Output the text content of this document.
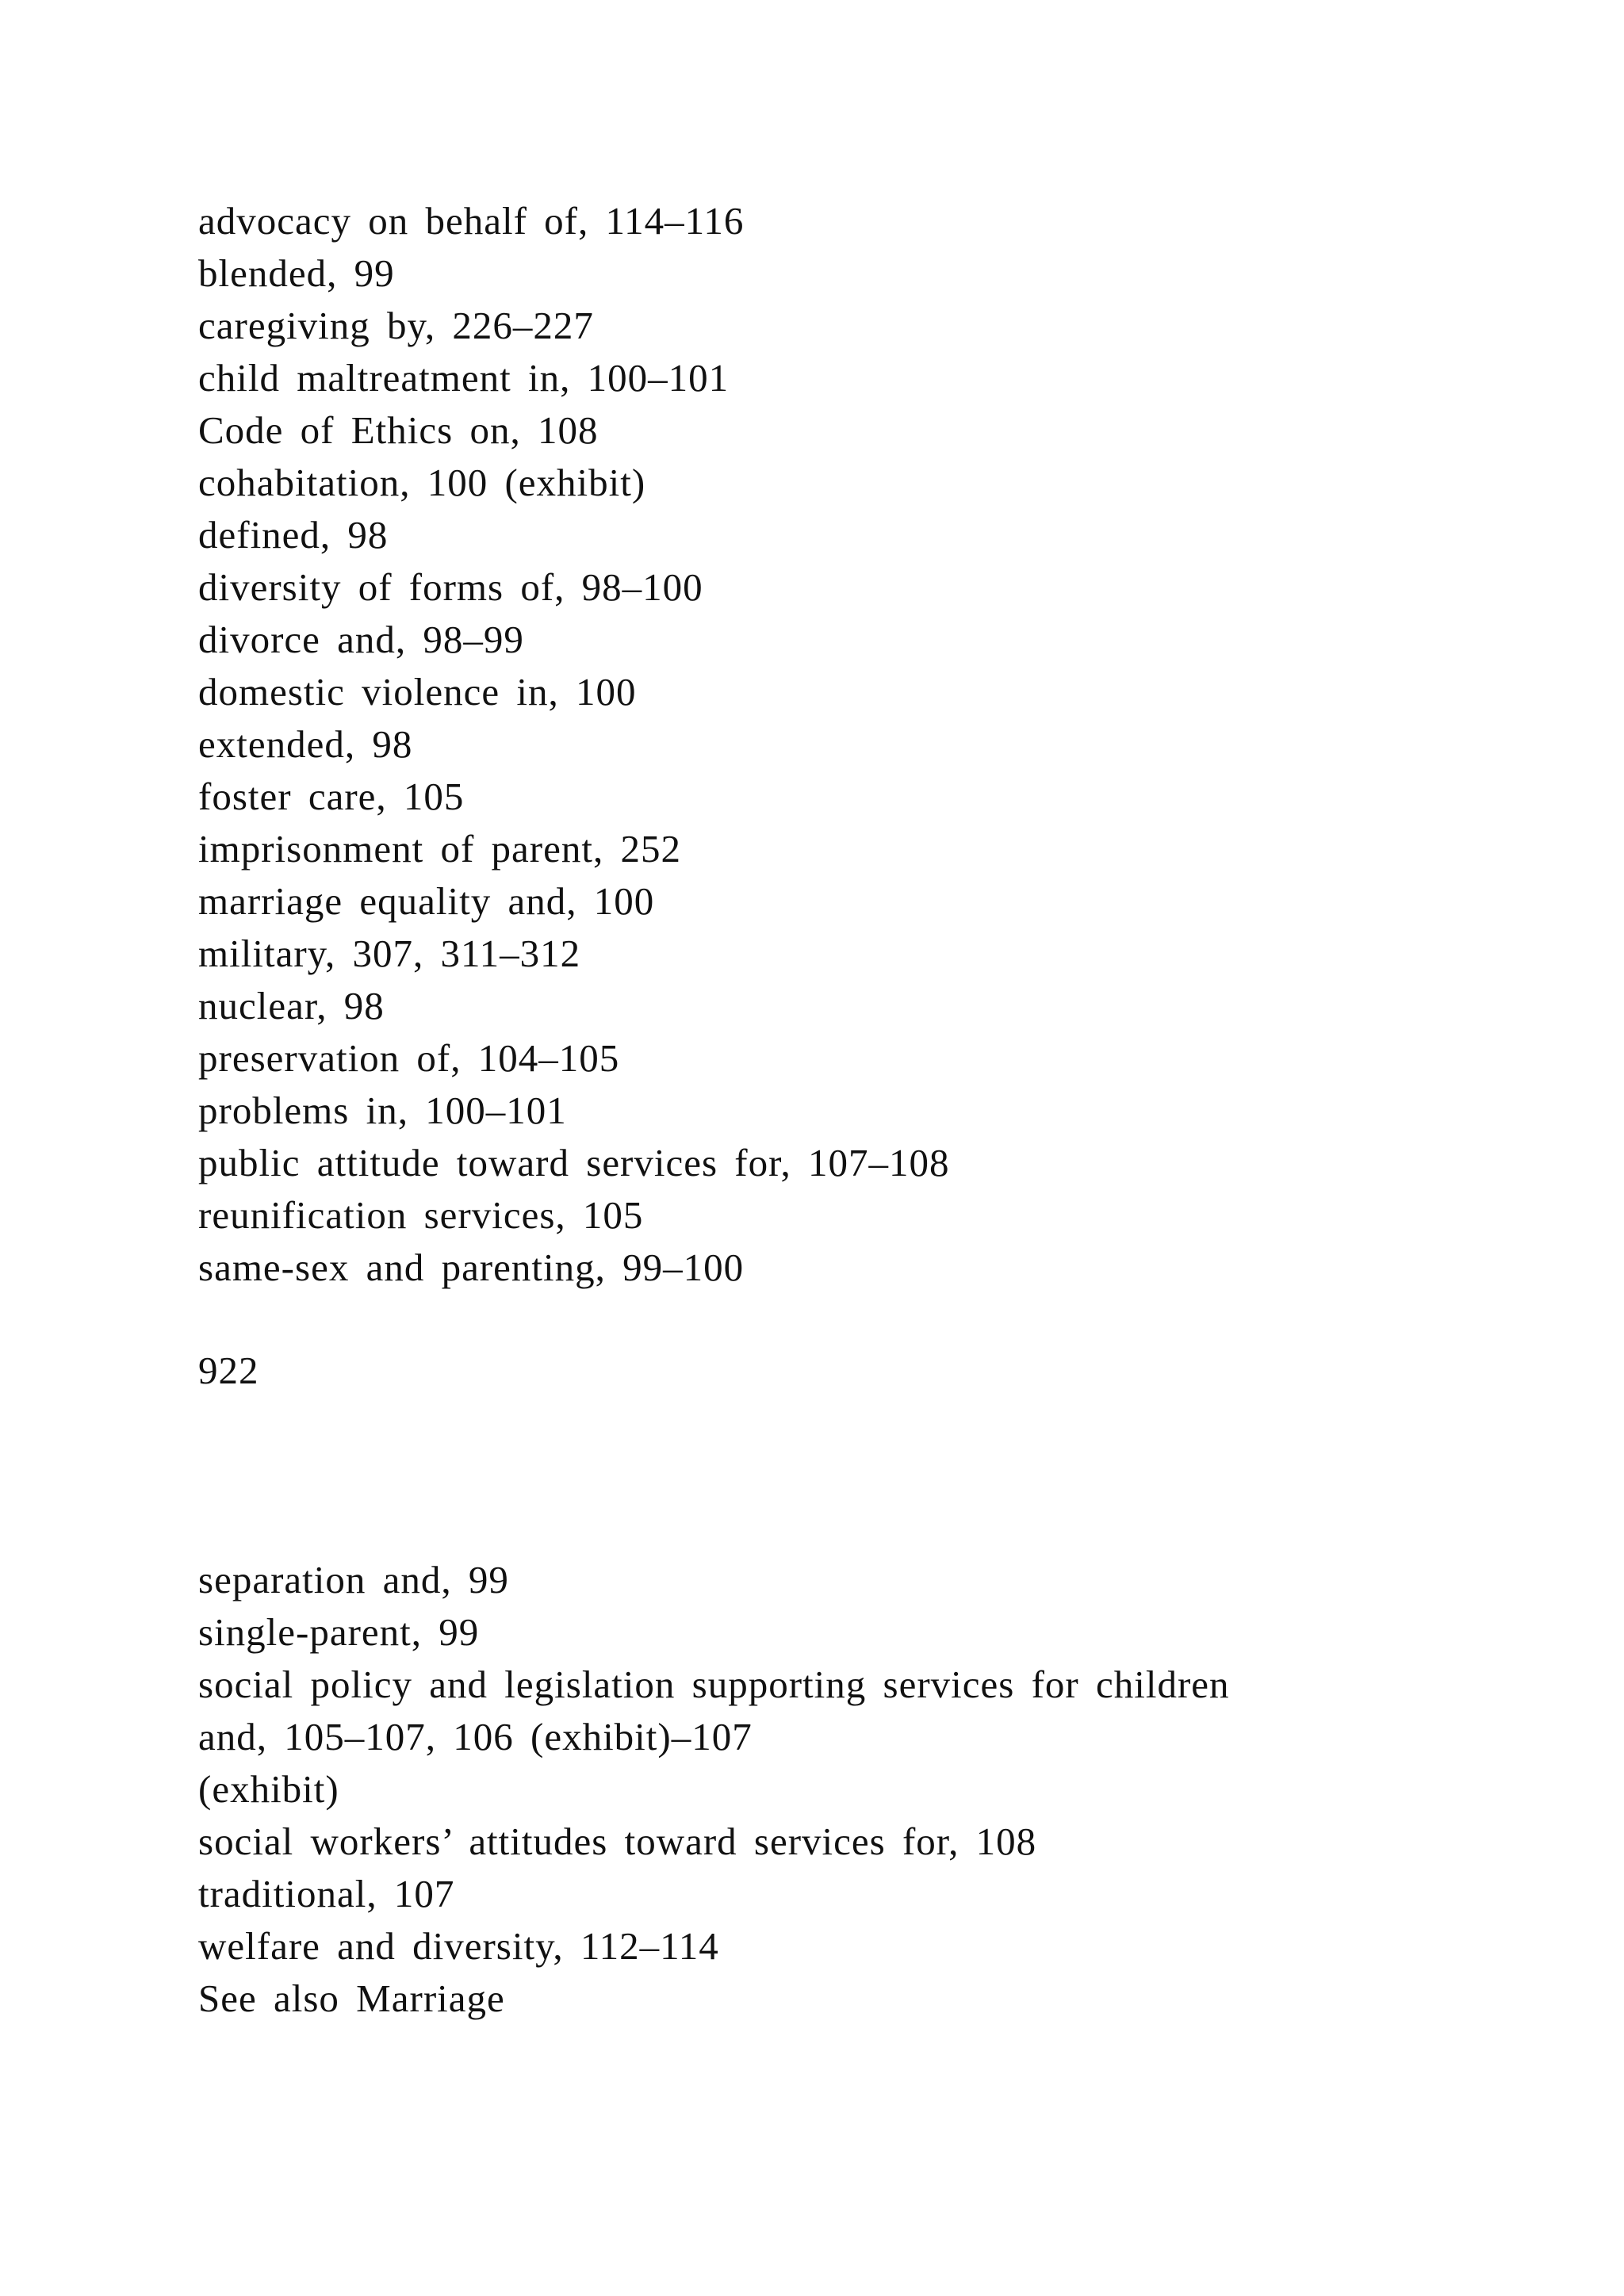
advocacy on behalf of, 114–116
blended, 99
caregiving by, 226–227
child maltreatment in, 100–101
Code of Ethics on, 108
cohabitation, 100 (exhibit)
defined, 98
diversity of forms of, 98–100
divorce and, 98–99
domestic violence in, 100
extended, 98
foster care, 105
imprisonment of parent, 252
marriage equality and, 100
military, 307, 311–312
nuclear, 98
preservation of, 104–105
problems in, 100–101
public attitude toward services for, 107–108
reunification services, 105
same-sex and parenting, 99–100
922
separation and, 99
single-parent, 99
social policy and legislation supporting services for children
and, 105–107, 106 (exhibit)–107
(exhibit)
social workers’ attitudes toward services for, 108
traditional, 107
welfare and diversity, 112–114
See also Marriage
